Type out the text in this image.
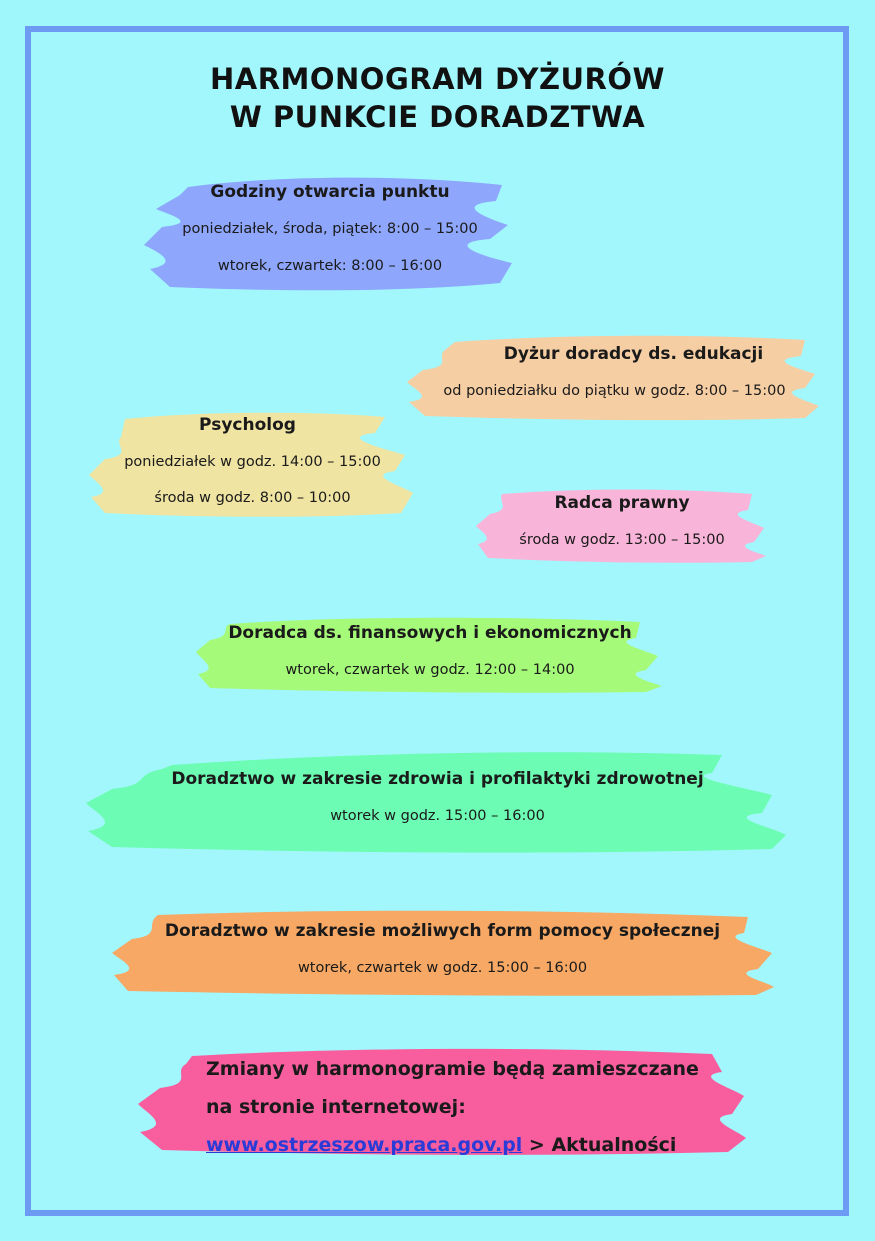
HARMONOGRAM DYŻURÓW
W PUNKCIE DORADZTWA
Godziny otwarcia punktu
poniedziałek, środa, piątek: 8:00 – 15:00
wtorek, czwartek: 8:00 – 16:00
Dyżur doradcy ds. edukacji
od poniedziałku do piątku w godz. 8:00 – 15:00
Psycholog
poniedziałek w godz. 14:00 – 15:00
środa w godz. 8:00 – 10:00	Radca prawny
środa w godz. 13:00 – 15:00
Doradca ds. finansowych i ekonomicznych
wtorek, czwartek w godz. 12:00 – 14:00
Doradztwo w zakresie zdrowia i profilaktyki zdrowotnej
wtorek w godz. 15:00 – 16:00
Doradztwo w zakresie możliwych form pomocy społecznej
wtorek, czwartek w godz. 15:00 – 16:00
Zmiany w harmonogramie będą zamieszczane
na stronie internetowej:
www.ostrzeszow.praca.gov.pl > Aktualności
